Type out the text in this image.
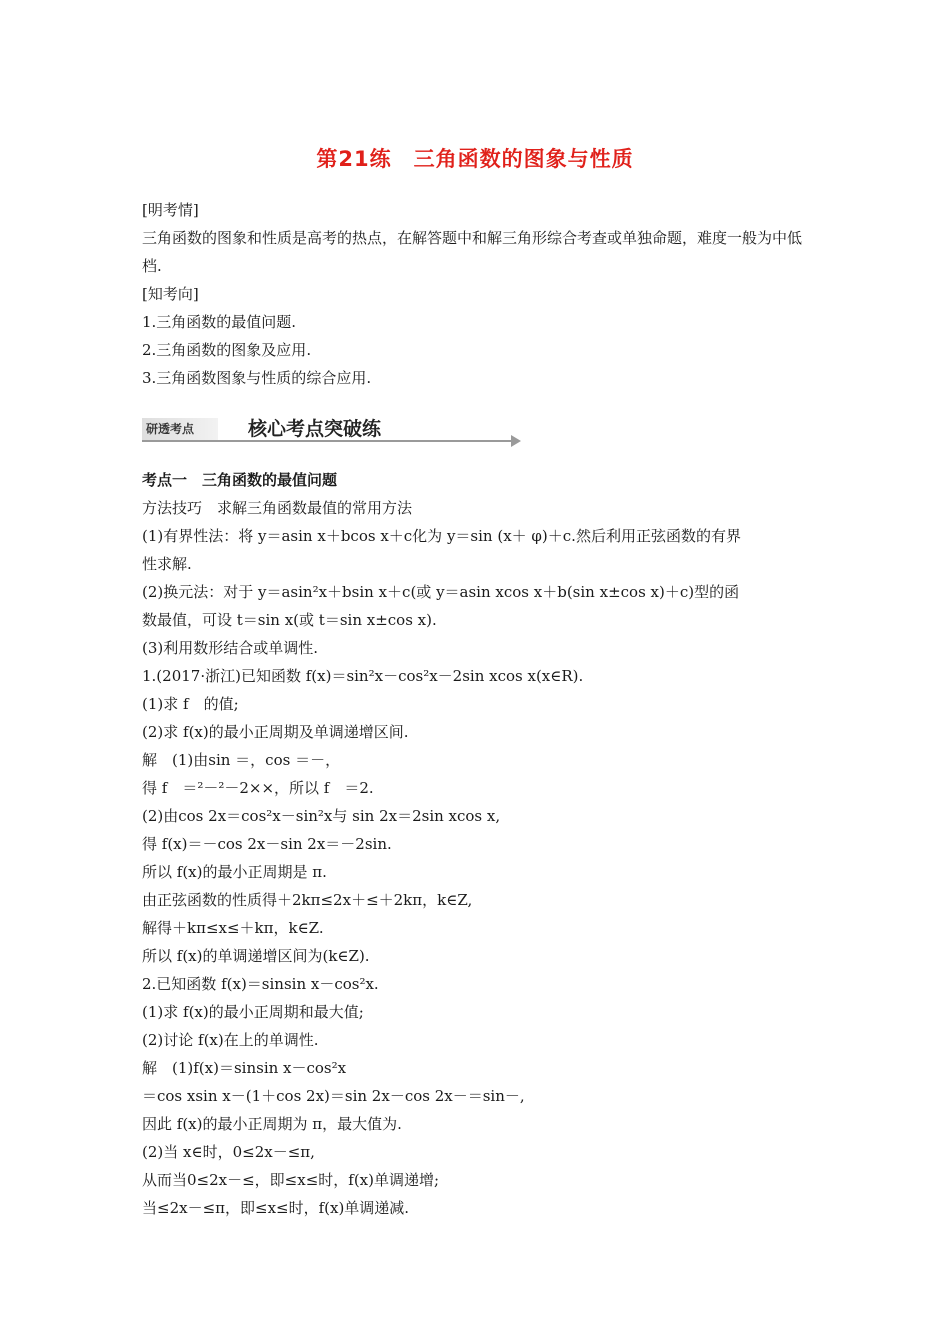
第21练　三角函数的图象与性质
[明考情]
三角函数的图象和性质是高考的热点，在解答题中和解三角形综合考查或单独命题，难度一般为中低档.
[知考向]
1.三角函数的最值问题.
2.三角函数的图象及应用.
3.三角函数图象与性质的综合应用.
研透考点	核心考点突破练
考点一　三角函数的最值问题
方法技巧　求解三角函数最值的常用方法
(1)有界性法：将 y＝asin x＋bcos x＋c化为 y＝sin (x＋ φ)＋c.然后利用正弦函数的有界
性求解.
(2)换元法：对于 y＝asin²x＋bsin x＋c(或 y＝asin xcos x＋b(sin x±cos x)＋c)型的函
数最值，可设 t＝sin x(或 t＝sin x±cos x).
(3)利用数形结合或单调性.
1.(2017·浙江)已知函数 f(x)＝sin²x－cos²x－2sin xcos x(x∈R).
(1)求 f　的值;
(2)求 f(x)的最小正周期及单调递增区间.
解　(1)由sin ＝，cos ＝－，
得 f　＝²－²－2××，所以 f　＝2.
(2)由cos 2x＝cos²x－sin²x与 sin 2x＝2sin xcos x,
得 f(x)＝－cos 2x－sin 2x＝－2sin.
所以 f(x)的最小正周期是 π.
由正弦函数的性质得＋2kπ≤2x＋≤＋2kπ，k∈Z,
解得＋kπ≤x≤＋kπ，k∈Z.
所以 f(x)的单调递增区间为(k∈Z).
2.已知函数 f(x)＝sinsin x－cos²x.
(1)求 f(x)的最小正周期和最大值;
(2)讨论 f(x)在上的单调性.
解　(1)f(x)＝sinsin x－cos²x
＝cos xsin x－(1＋cos 2x)＝sin 2x－cos 2x－＝sin－,
因此 f(x)的最小正周期为 π，最大值为.
(2)当 x∈时，0≤2x－≤π,
从而当0≤2x－≤，即≤x≤时，f(x)单调递增;
当≤2x－≤π，即≤x≤时，f(x)单调递减.
